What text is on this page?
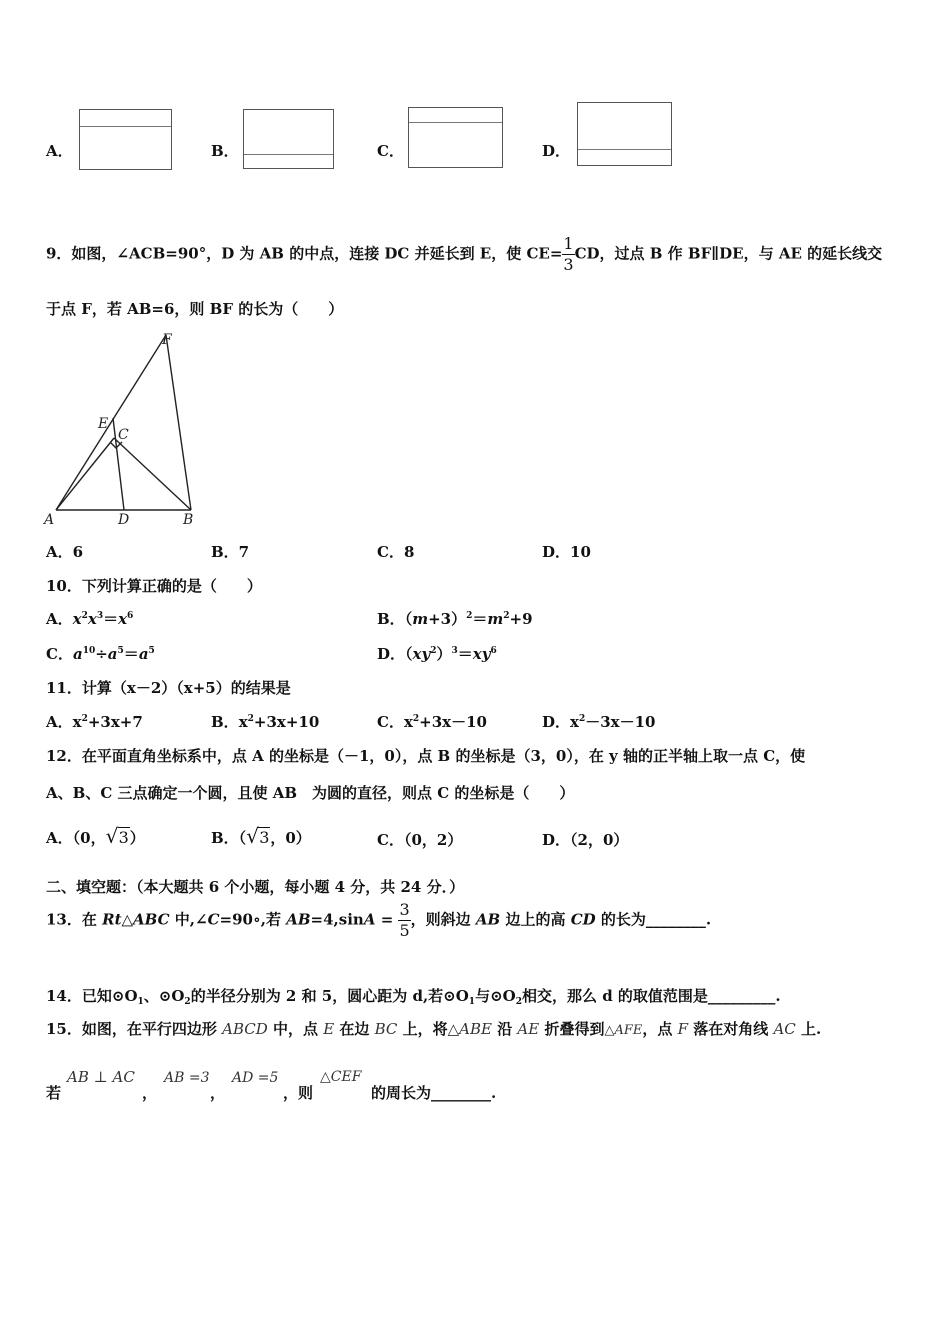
A．	B．	C．	D．
9．如图，∠ACB=90°，D 为 AB 的中点，连接 DC 并延长到 E，使 $CE= \frac{1}{3}$ CD，过点 B 作 BF∥DE，与 AE 的延长线交
于点 F，若 AB=6，则 BF 的长为（　　）
F
E
C
A	D	B
A．6	B．7	C．8	D．10
10．下列计算正确的是（　　）
A．$x^2x^3=x^6$	B．$(m+3)^2=m^2+9$
C．$a^{10}\div a^5=a^5$	D．$(xy^2)^3=xy^6$
11．计算（x－2）（x+5）的结果是
A．$x^2+3x+7$	B．$x^2+3x+10$	C．$x^2+3x-10$	D．$x^2-3x-10$
12．在平面直角坐标系中，点 A 的坐标是（－1，0），点 B 的坐标是（3，0），在 y 轴的正半轴上取一点 C，使
A、B、C 三点确定一个圆，且使 AB　为圆的直径，则点 C 的坐标是（　　）
A．（0， √ 3）	B．（ √ 3，0）	C．（0，2）	D．（2，0）
二、填空题：（本大题共 6 个小题，每小题 4 分，共 24 分．）
13．在 Rt△ABC 中,∠C=90∘,若 $AB=4,\sin A = \frac{3}{5}$ ，则斜边 AB 边上的高 CD 的长为________.
14．已知$⊙O_1$、$⊙O_2$的半径分别为 2 和 5，圆心距为 d,若$⊙O_1$与$⊙O_2$相交，那么 d 的取值范围是_________.
15．如图，在平行四边形 ABCD 中，点 E 在边 BC 上，将△ABE 沿 AE 折叠得到△AFE，点 F 落在对角线 AC 上.
若
AB ⊥ AC
，
AB =3
，
AD =5
，则
△CEF
的周长为________.
